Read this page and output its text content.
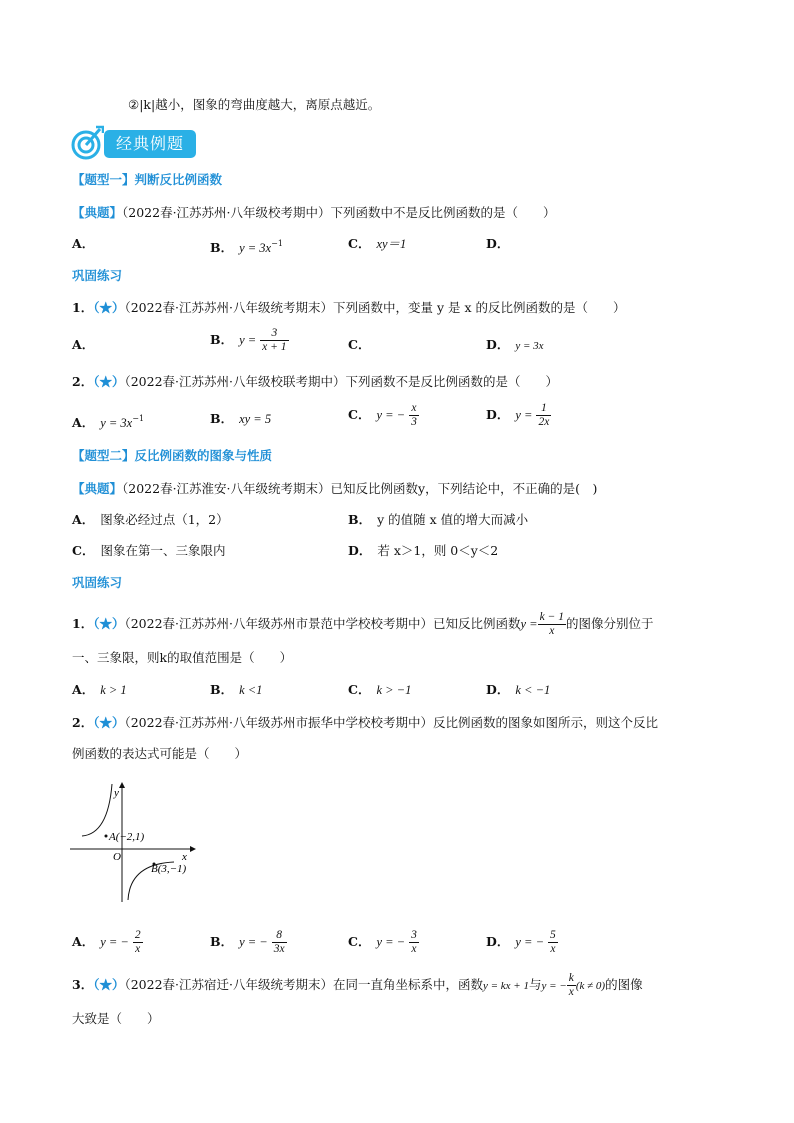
②|k|越小，图象的弯曲度越大，离原点越近。
经典例题
【题型一】判断反比例函数
【典题】（2022春·江苏苏州·八年级校考期中）下列函数中不是反比例函数的是（　　）
A．	B． $y = 3x^{-1}$	C． xy＝1	D．
巩固练习
1．（★）（2022春·江苏苏州·八年级统考期末）下列函数中，变量 y 是 x 的反比例函数的是（　　）
A．	B． $y = \frac{3}{x + 1}$	C．	D． y = 3x
2．（★）（2022春·江苏苏州·八年级校联考期中）下列函数不是反比例函数的是（　　）
A． $y = 3x^{-1}$	B． xy = 5	C． y = − $\frac{x}{3}$	D． $y = \frac{1}{2x}$
【题型二】反比例函数的图象与性质
【典题】（2022春·江苏淮安·八年级统考期末）已知反比例函数y，下列结论中，不正确的是(　)
A． 图象必经过点（1，2）	B． y 的值随 x 值的增大而减小
C． 图象在第一、三象限内	D． 若 x＞1，则 0＜y＜2
巩固练习
1．（★）（2022春·江苏苏州·八年级苏州市景范中学校校考期中）已知反比例函数$y = \frac{k - 1}{x}$ 的图像分别位于
一、三象限，则k的取值范围是（　　）
A． k > 1	B． k <1	C． k > −1	D． k < −1
2．（★）（2022春·江苏苏州·八年级苏州市振华中学校校考期中）反比例函数的图象如图所示，则这个反比
例函数的表达式可能是（　　）
y
x
O
A(−2,1)
B(3,−1)
A． y = − $\frac{2}{x}$	B． y = − $\frac{8}{3x}$	C． y = − $\frac{3}{x}$	D． y = − $\frac{5}{x}$
3．（★）（2022春·江苏宿迁·八年级统考期末）在同一直角坐标系中，函数y = kx + 1与y = − $\frac{k}{x} (k \ne 0)$的图像
大致是（　　）
